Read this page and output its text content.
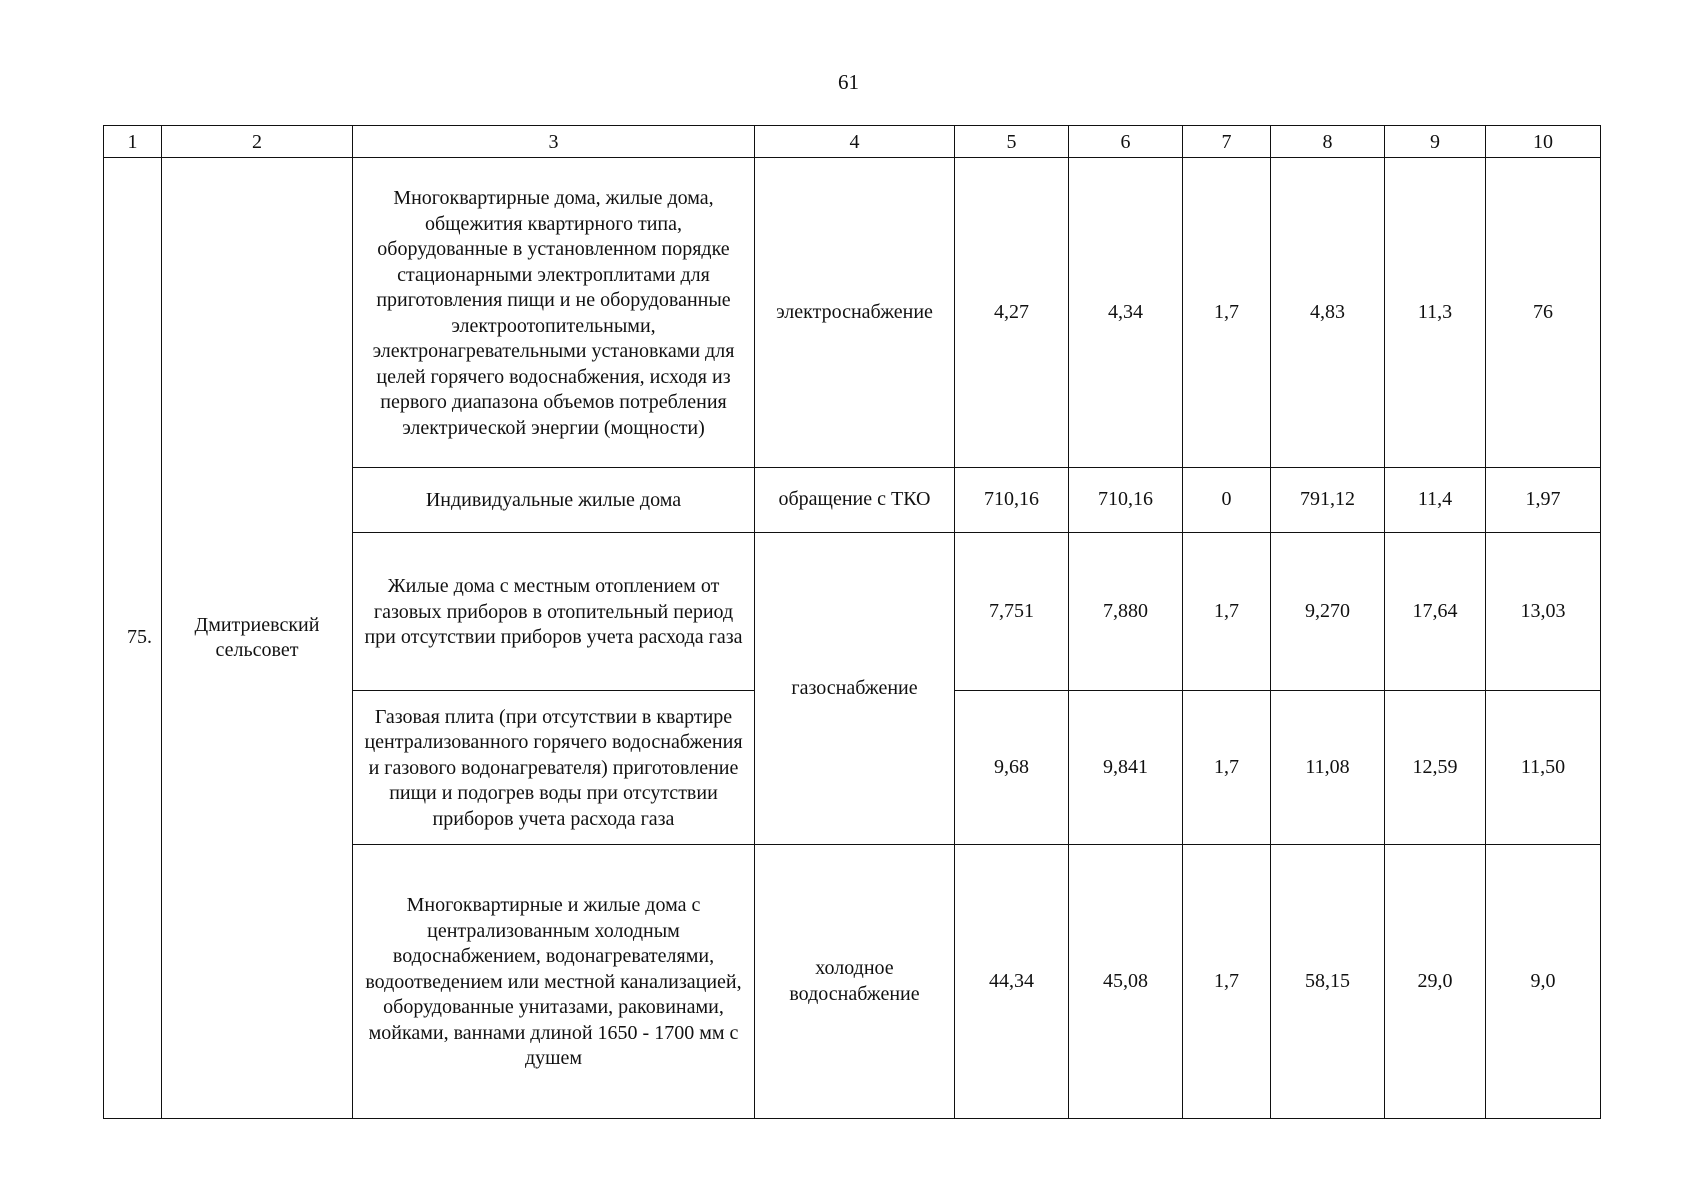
61
1	2	3	4	5	6	7	8	9	10
75.	Дмитриевский сельсовет	Многоквартирные дома, жилые дома, общежития квартирного типа, оборудованные в установленном порядке стационарными электроплитами для приготовления пищи и не оборудованные электроотопительными, электронагревательными установками для целей горячего водоснабжения, исходя из первого диапазона объемов потребления электрической энергии (мощности)	электроснабжение	4,27	4,34	1,7	4,83	11,3	76
		Индивидуальные жилые дома	обращение с ТКО	710,16	710,16	0	791,12	11,4	1,97
		Жилые дома с местным отоплением от газовых приборов в отопительный период при отсутствии приборов учета расхода газа	газоснабжение	7,751	7,880	1,7	9,270	17,64	13,03
		Газовая плита (при отсутствии в квартире централизованного горячего водоснабжения и газового водонагревателя) приготовление пищи и подогрев воды при отсутствии приборов учета расхода газа		9,68	9,841	1,7	11,08	12,59	11,50
		Многоквартирные и жилые дома с централизованным холодным водоснабжением, водонагревателями, водоотведением или местной канализацией, оборудованные унитазами, раковинами, мойками, ваннами длиной 1650 - 1700 мм с душем	холодное водоснабжение	44,34	45,08	1,7	58,15	29,0	9,0
